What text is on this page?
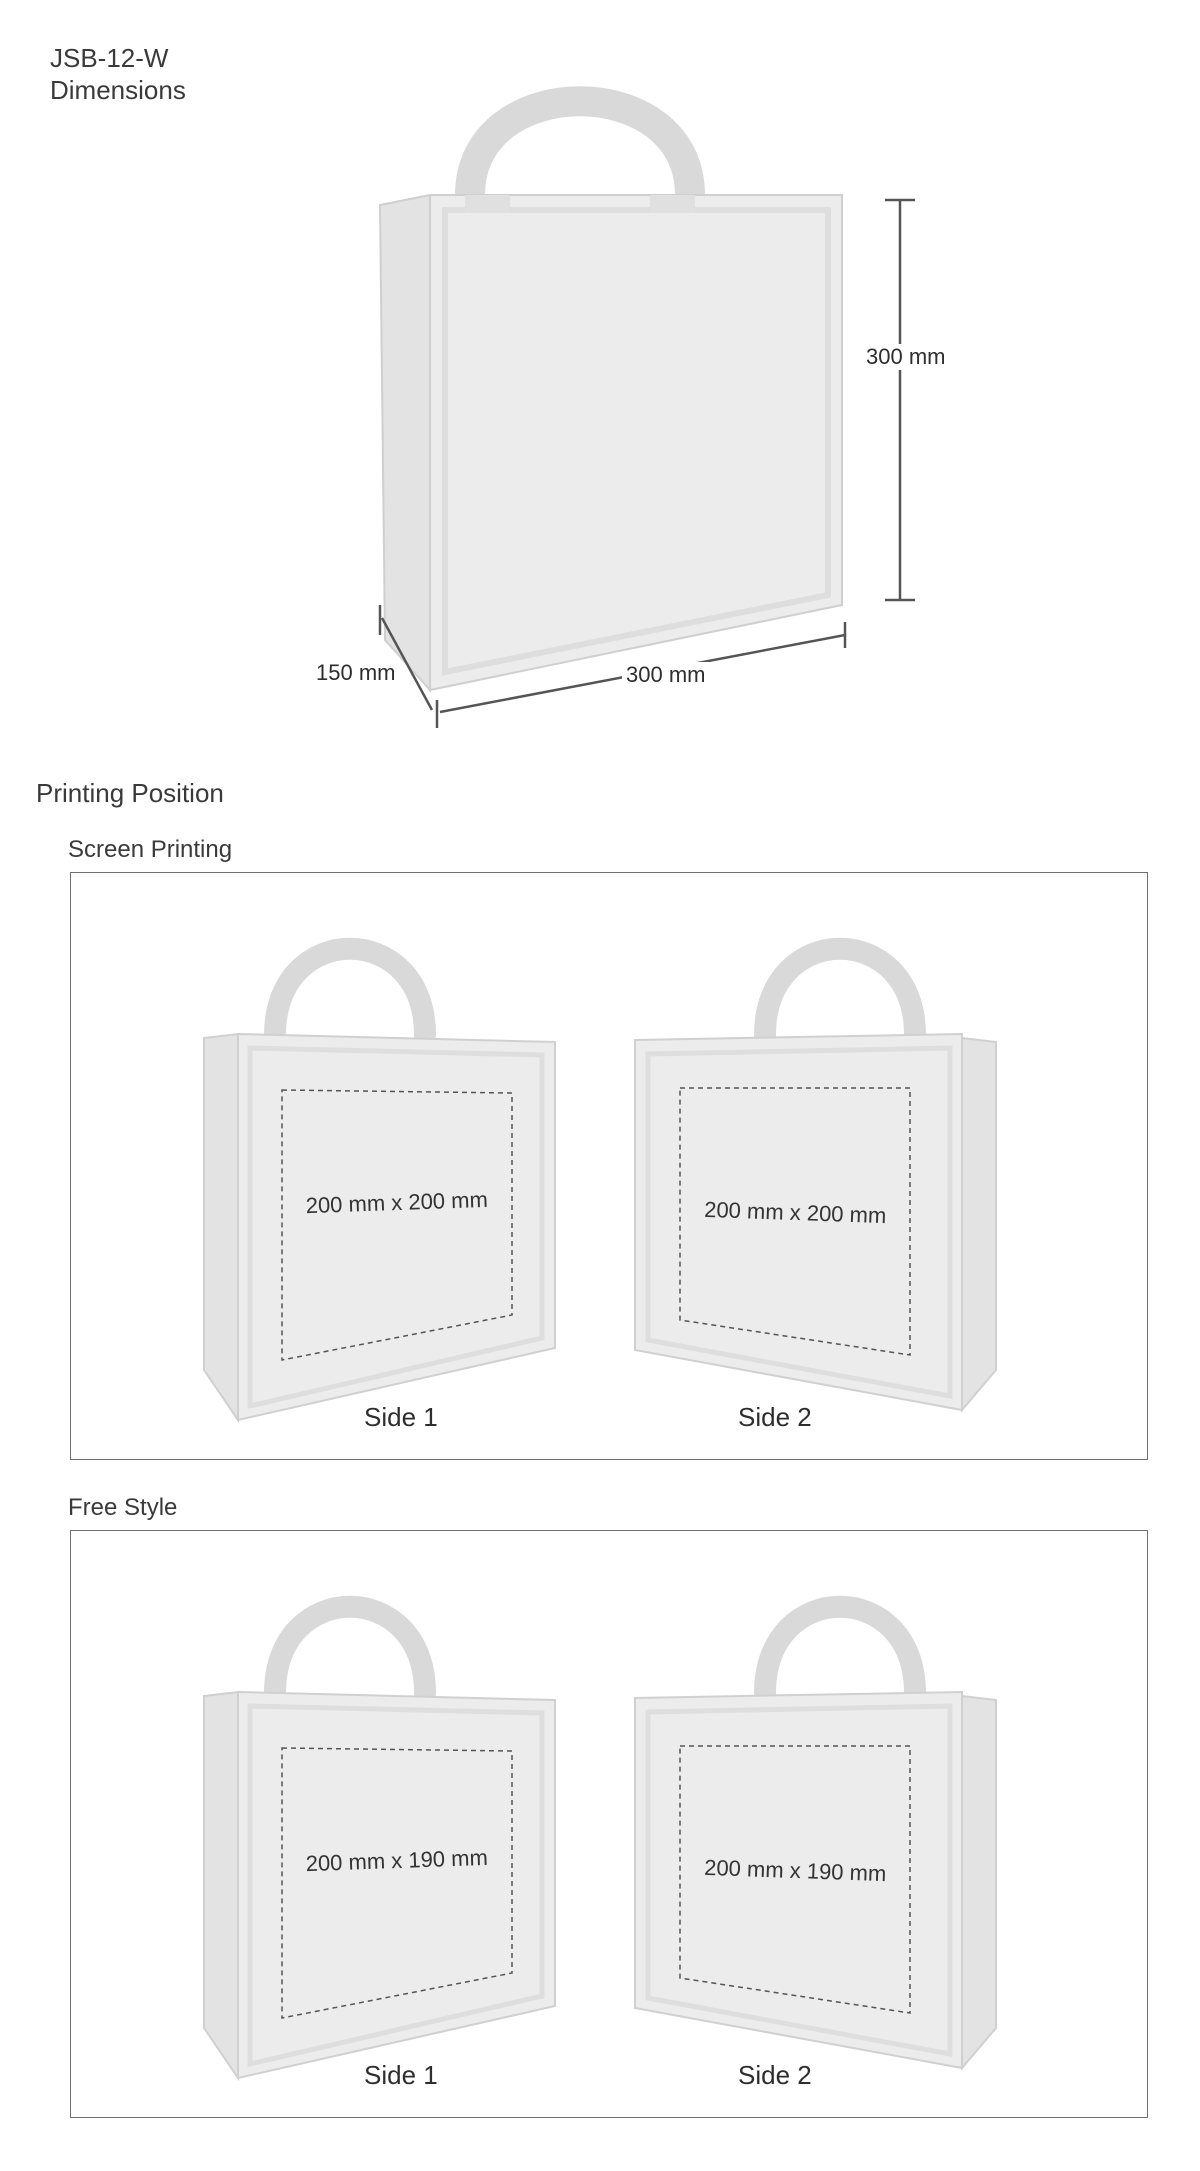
JSB-12-W
Dimensions
300 mm
300 mm
150 mm
Printing Position
Screen Printing
200 mm x 200 mm
Side 1
200 mm x 200 mm
Side 2
Free Style
200 mm x 190 mm
Side 1
200 mm x 190 mm
Side 2
